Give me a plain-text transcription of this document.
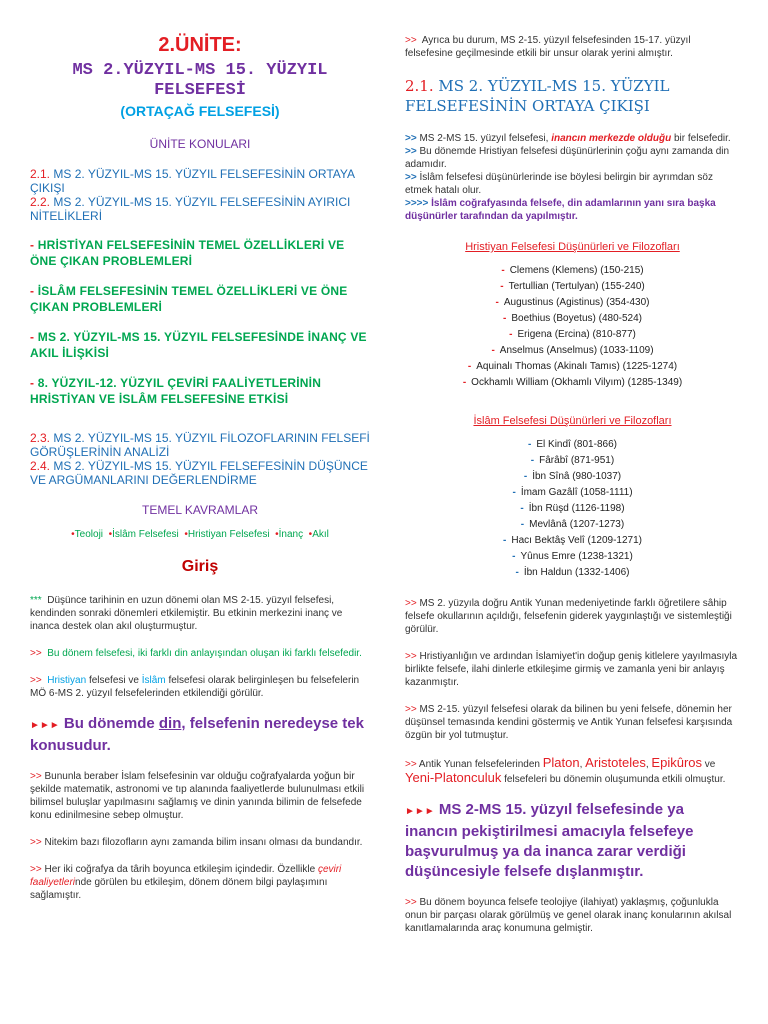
2.ÜNİTE:
MS 2.YÜZYIL-MS 15. YÜZYIL
FELSEFESİ
(ORTAÇAĞ FELSEFESİ)
ÜNİTE KONULARI
2.1. MS 2. YÜZYIL-MS 15. YÜZYIL FELSEFESİNİN ORTAYA ÇIKIŞI
2.2. MS 2. YÜZYIL-MS 15. YÜZYIL FELSEFESİNİN AYIRICI NİTELİKLERİ
- HRİSTİYAN FELSEFESİNİN TEMEL ÖZELLİKLERİ VE ÖNE ÇIKAN PROBLEMLERİ
- İSLÂM FELSEFESİNİN TEMEL ÖZELLİKLERİ VE ÖNE ÇIKAN PROBLEMLERİ
- MS 2. YÜZYIL-MS 15. YÜZYIL FELSEFESİNDE İNANÇ VE AKIL İLİŞKİSİ
- 8. YÜZYIL-12. YÜZYIL ÇEVİRİ FAALİYETLERİNİN HRİSTİYAN VE İSLÂM FELSEFESİNE ETKİSİ
2.3. MS 2. YÜZYIL-MS 15. YÜZYIL FİLOZOFLARININ FELSEFİ GÖRÜŞLERİNİN ANALİZİ
2.4. MS 2. YÜZYIL-MS 15. YÜZYIL FELSEFESİNİN DÜŞÜNCE VE ARGÜMANLARINI DEĞERLENDİRME
TEMEL KAVRAMLAR
•Teoloji •İslâm Felsefesi •Hristiyan Felsefesi •İnanç •Akıl
Giriş
*** Düşünce tarihinin en uzun dönemi olan MS 2-15. yüzyıl felsefesi, kendinden sonraki dönemleri etkilemiştir. Bu etkinin merkezini inanç ve inanca destek olan akıl oluşturmuştur.
>> Bu dönem felsefesi, iki farklı din anlayışından oluşan iki farklı felsefedir.
>> Hristiyan felsefesi ve İslâm felsefesi olarak belirginleşen bu felsefelerin MÖ 6-MS 2. yüzyıl felsefelerinden etkilendiği görülür.
►►► Bu dönemde din, felsefenin neredeyse tek konusudur.
>> Bununla beraber İslam felsefesinin var olduğu coğrafyalarda yoğun bir şekilde matematik, astronomi ve tıp alanında faaliyetlerde bulunulması etkili bilimsel buluşlar yapılmasını sağlamış ve dinin yanında bilimin de felsefede konu edinilmesine sebep olmuştur.
>> Nitekim bazı filozofların aynı zamanda bilim insanı olması da bundandır.
>> Her iki coğrafya da târih boyunca etkileşim içindedir. Özellikle çeviri faaliyetlerinde görülen bu etkileşim, dönem dönem bilgi paylaşımını sağlamıştır.
>> Ayrıca bu durum, MS 2-15. yüzyıl felsefesinden 15-17. yüzyıl felsefesine geçilmesinde etkili bir unsur olarak yerini almıştır.
2.1. MS 2. YÜZYIL-MS 15. YÜZYIL FELSEFESİNİN ORTAYA ÇIKIŞI
>> MS 2-MS 15. yüzyıl felsefesi, inancın merkezde olduğu bir felsefedir.
>> Bu dönemde Hristiyan felsefesi düşünürlerinin çoğu aynı zamanda din adamıdır.
>> İslâm felsefesi düşünürlerinde ise böylesi belirgin bir ayrımdan söz etmek hatalı olur.
>>>> İslâm coğrafyasında felsefe, din adamlarının yanı sıra başka düşünürler tarafından da yapılmıştır.
Hristiyan Felsefesi Düşünürleri ve Filozofları
- Clemens (Klemens) (150-215)
- Tertullian (Tertulyan) (155-240)
- Augustinus (Agistinus) (354-430)
- Boethius (Boyetus) (480-524)
- Erigena (Ercina) (810-877)
- Anselmus (Anselmus) (1033-1109)
- Aquinalı Thomas (Akinalı Tamıs) (1225-1274)
- Ockhamlı William (Okhamlı Vilyım) (1285-1349)
İslâm Felsefesi Düşünürleri ve Filozofları
- El Kindî (801-866)
- Fârâbî (871-951)
- İbn Sînâ (980-1037)
- İmam Gazâlî (1058-1111)
- İbn Rüşd (1126-1198)
- Mevlânâ (1207-1273)
- Hacı Bektâş Velî (1209-1271)
- Yûnus Emre (1238-1321)
- İbn Haldun (1332-1406)
>> MS 2. yüzyıla doğru Antik Yunan medeniyetinde farklı öğretilere sâhip felsefe okullarının açıldığı, felsefenin giderek yaygınlaştığı ve sistemleştiği görülür.
>> Hristiyanlığın ve ardından İslamiyet'in doğup geniş kitlelere yayılmasıyla birlikte felsefe, ilahi dinlerle etkileşime girmiş ve zamanla yeni bir anlayış kazanmıştır.
>> MS 2-15. yüzyıl felsefesi olarak da bilinen bu yeni felsefe, dönemin her düşünsel temasında kendini göstermiş ve Antik Yunan felsefesi karşısında özgün bir yol tutmuştur.
>> Antik Yunan felsefelerinden Platon, Aristoteles, Epikûros ve Yeni-Platonculuk felsefeleri bu dönemin oluşumunda etkili olmuştur.
►►► MS 2-MS 15. yüzyıl felsefesinde ya inancın pekiştirilmesi amacıyla felsefeye başvurulmuş ya da inanca zarar verdiği düşüncesiyle felsefe dışlanmıştır.
>> Bu dönem boyunca felsefe teolojiye (ilahiyat) yaklaşmış, çoğunlukla onun bir parçası olarak görülmüş ve genel olarak inanç konularının akılsal kanıtlamalarında araç konumuna gelmiştir.
